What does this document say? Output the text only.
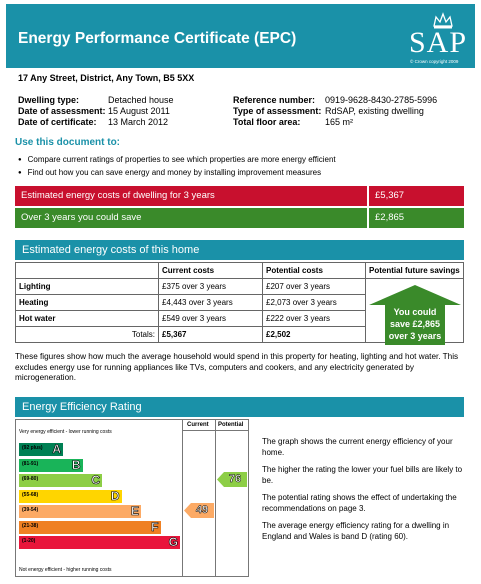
Energy Performance Certificate (EPC)	SAP
© Crown copyright 2009
17 Any Street, District, Any Town, B5 5XX
Dwelling type:	Detached house
Date of assessment: 15 August 2011
Date of certificate: 13 March 2012
Reference number: 0919-9628-8430-2785-5996
Type of assessment: RdSAP, existing dwelling
Total floor area:	165 m²
Use this document to:
● Compare current ratings of properties to see which properties are more energy efficient
● Find out how you can save energy and money by installing improvement measures
Estimated energy costs of dwelling for 3 years	£5,367
Over 3 years you could save	£2,865
Estimated energy costs of this home
	Current costs	Potential costs	Potential future savings
Lighting	£375 over 3 years	£207 over 3 years	
Heating	£4,443 over 3 years	£2,073 over 3 years	
Hot water	£549 over 3 years	£222 over 3 years	
Totals:	£5,367	£2,502	
You could
save £2,865
over 3 years
These figures show how much the average household would spend in this property for heating, lighting and hot water. This excludes energy use for running appliances like TVs, computers and cookers, and any electricity generated by microgeneration.
Energy Efficiency Rating
Current Potential
Very energy efficient - lower running costs
(92 plus) A
(81-91)	B
(69-80)	C
(55-68)	D
(39-54)	E
(21-38)	F
(1-20)	G
Not energy efficient - higher running costs
49
76
The graph shows the current energy efficiency of your home.
The higher the rating the lower your fuel bills are likely to be.
The potential rating shows the effect of undertaking the recommendations on page 3.
The average energy efficiency rating for a dwelling in England and Wales is band D (rating 60).
